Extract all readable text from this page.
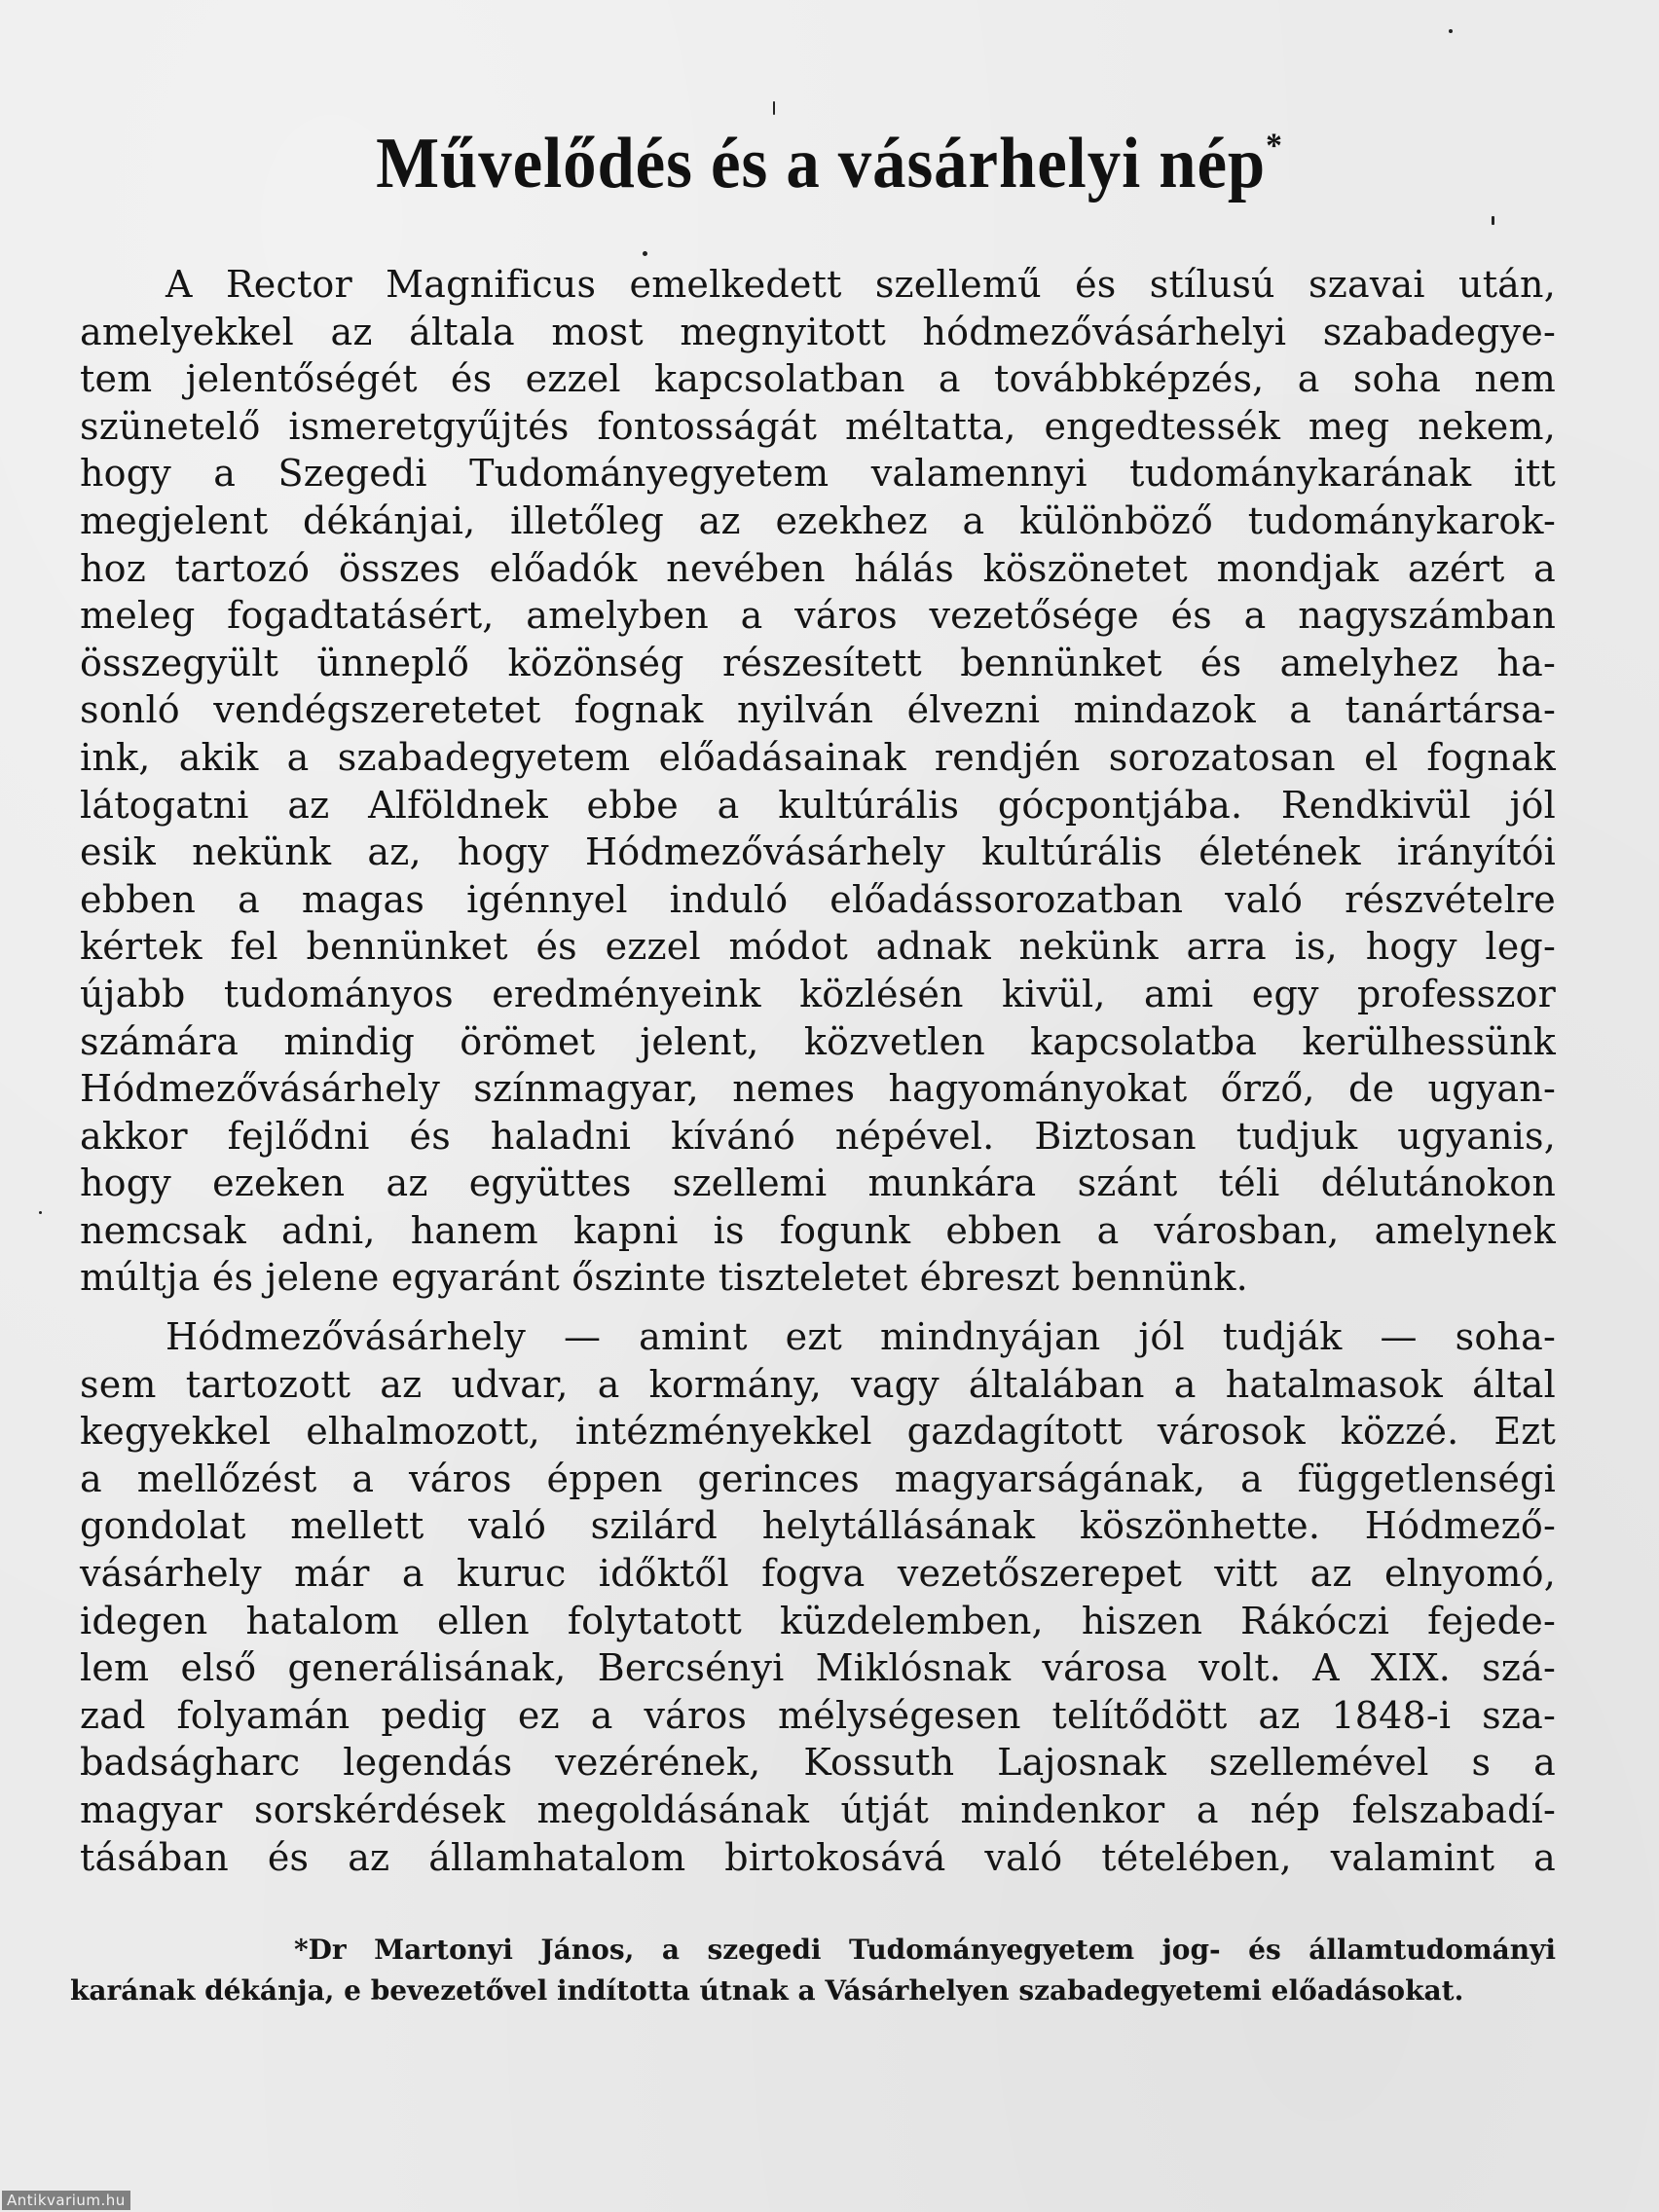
Művelődés és a vásárhelyi nép*
A Rector Magnificus emelkedett szellemű és stílusú szavai után,
amelyekkel az általa most megnyitott hódmezővásárhelyi szabadegye-
tem jelentőségét és ezzel kapcsolatban a továbbképzés, a soha nem
szünetelő ismeretgyűjtés fontosságát méltatta, engedtessék meg nekem,
hogy a Szegedi Tudományegyetem valamennyi tudománykarának itt
megjelent dékánjai, illetőleg az ezekhez a különböző tudománykarok-
hoz tartozó összes előadók nevében hálás köszönetet mondjak azért a
meleg fogadtatásért, amelyben a város vezetősége és a nagyszámban
összegyült ünneplő közönség részesített bennünket és amelyhez ha-
sonló vendégszeretetet fognak nyilván élvezni mindazok a tanártársa-
ink, akik a szabadegyetem előadásainak rendjén sorozatosan el fognak
látogatni az Alföldnek ebbe a kultúrális gócpontjába. Rendkivül jól
esik nekünk az, hogy Hódmezővásárhely kultúrális életének irányítói
ebben a magas igénnyel induló előadássorozatban való részvételre
kértek fel bennünket és ezzel módot adnak nekünk arra is, hogy leg-
újabb tudományos eredményeink közlésén kivül, ami egy professzor
számára mindig örömet jelent, közvetlen kapcsolatba kerülhessünk
Hódmezővásárhely színmagyar, nemes hagyományokat őrző, de ugyan-
akkor fejlődni és haladni kívánó népével. Biztosan tudjuk ugyanis,
hogy ezeken az együttes szellemi munkára szánt téli délutánokon
nemcsak adni, hanem kapni is fogunk ebben a városban, amelynek
múltja és jelene egyaránt őszinte tiszteletet ébreszt bennünk.
Hódmezővásárhely — amint ezt mindnyájan jól tudják — soha-
sem tartozott az udvar, a kormány, vagy általában a hatalmasok által
kegyekkel elhalmozott, intézményekkel gazdagított városok közzé. Ezt
a mellőzést a város éppen gerinces magyarságának, a függetlenségi
gondolat mellett való szilárd helytállásának köszönhette. Hódmező-
vásárhely már a kuruc időktől fogva vezetőszerepet vitt az elnyomó,
idegen hatalom ellen folytatott küzdelemben, hiszen Rákóczi fejede-
lem első generálisának, Bercsényi Miklósnak városa volt. A XIX. szá-
zad folyamán pedig ez a város mélységesen telítődött az 1848-i sza-
badságharc legendás vezérének, Kossuth Lajosnak szellemével s a
magyar sorskérdések megoldásának útját mindenkor a nép felszabadí-
tásában és az államhatalom birtokosává való tételében, valamint a
*Dr Martonyi János, a szegedi Tudományegyetem jog- és államtudományi
karának dékánja, e bevezetővel indította útnak a Vásárhelyen szabadegyetemi előadásokat.
Antikvarium.hu
